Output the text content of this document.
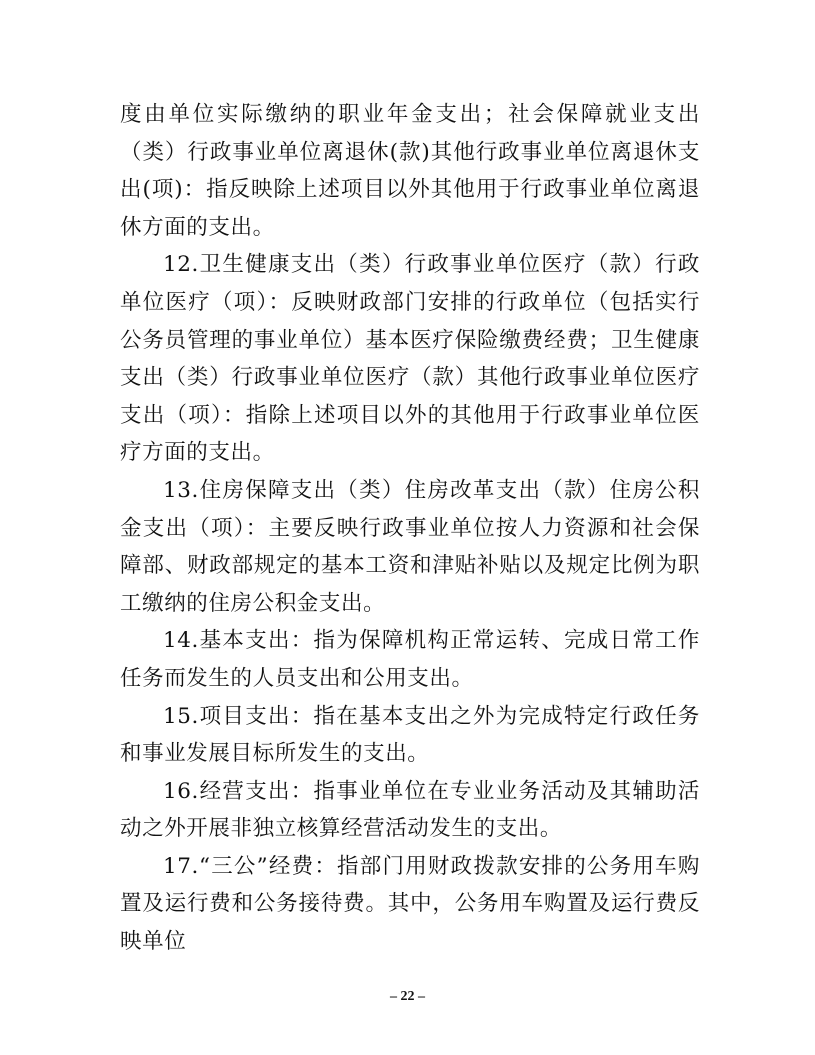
度由单位实际缴纳的职业年金支出；社会保障就业支出（类）行政事业单位离退休(款)其他行政事业单位离退休支出(项)：指反映除上述项目以外其他用于行政事业单位离退休方面的支出。

12.卫生健康支出（类）行政事业单位医疗（款）行政单位医疗（项）：反映财政部门安排的行政单位（包括实行公务员管理的事业单位）基本医疗保险缴费经费；卫生健康支出（类）行政事业单位医疗（款）其他行政事业单位医疗支出（项）：指除上述项目以外的其他用于行政事业单位医疗方面的支出。

13.住房保障支出（类）住房改革支出（款）住房公积金支出（项）：主要反映行政事业单位按人力资源和社会保障部、财政部规定的基本工资和津贴补贴以及规定比例为职工缴纳的住房公积金支出。

14.基本支出：指为保障机构正常运转、完成日常工作任务而发生的人员支出和公用支出。

15.项目支出：指在基本支出之外为完成特定行政任务和事业发展目标所发生的支出。

16.经营支出：指事业单位在专业业务活动及其辅助活动之外开展非独立核算经营活动发生的支出。

17.“三公”经费：指部门用财政拨款安排的公务用车购置及运行费和公务接待费。其中，公务用车购置及运行费反映单位

– 22 –
